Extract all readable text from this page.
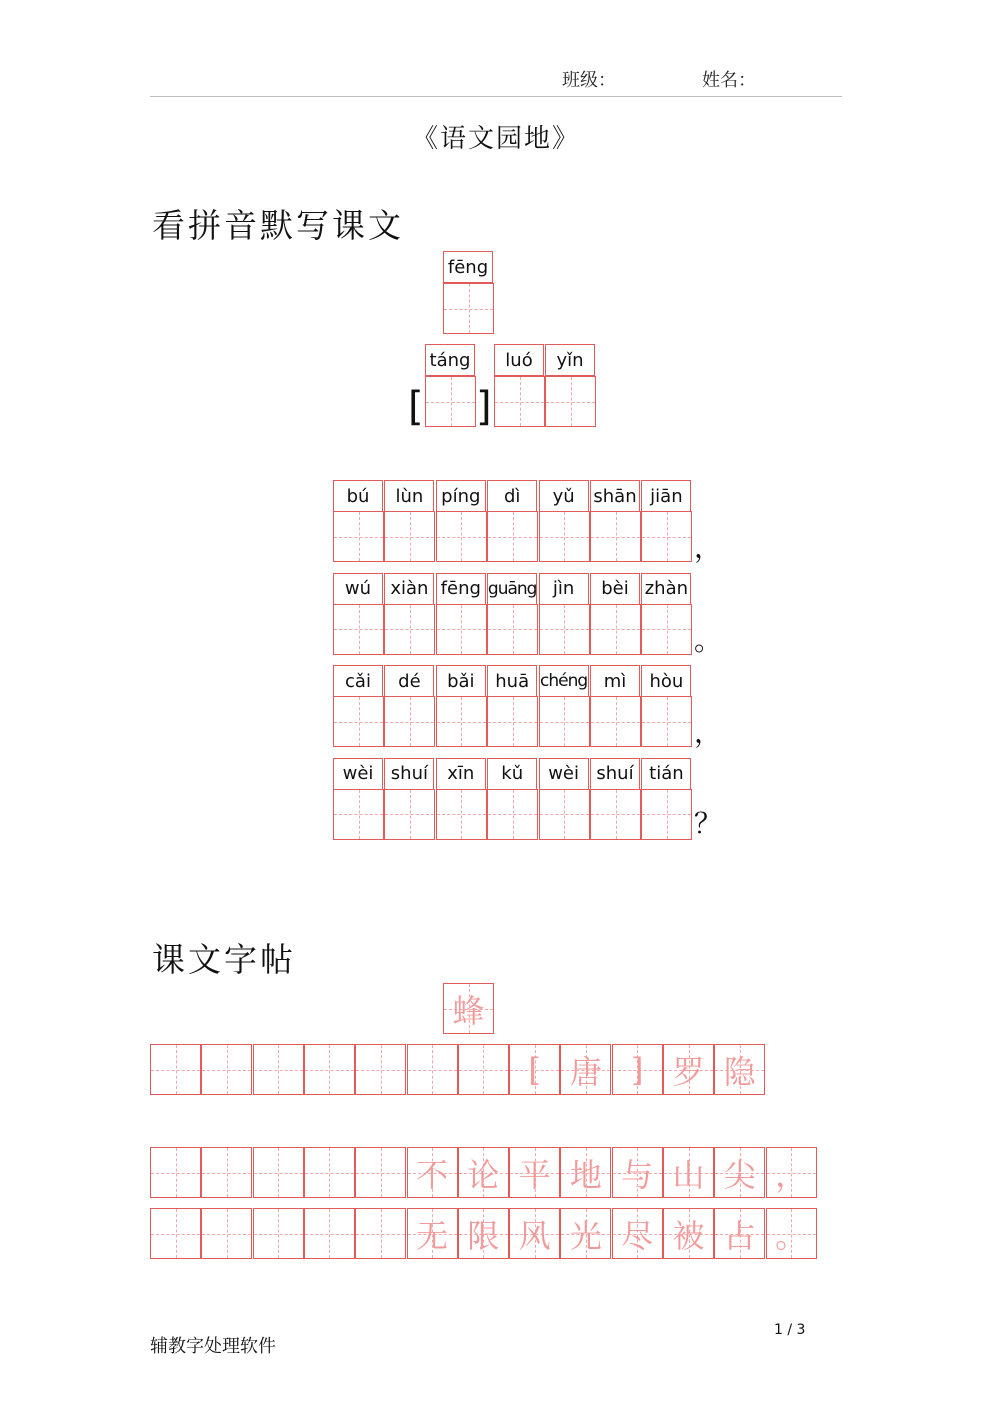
班级：	姓名：
《语文园地》
看拼音默写课文
课文字帖
fēng
[
táng
]
luó	yǐn
bú	lùn píng	dì	yǔ	shān jiān
，
wú	xiàn fēng guāng jìn	bèi zhàn
。
cǎi	dé	bǎi	huā chéng mì	hòu
，
wèi shuí	xīn	kǔ	wèi shuí tián
？
蜂
[ 唐 ] 罗 隐
不 论 平 地 与 山 尖 ，
无 限 风 光 尽 被 占 。
辅教字处理软件
1 / 3
